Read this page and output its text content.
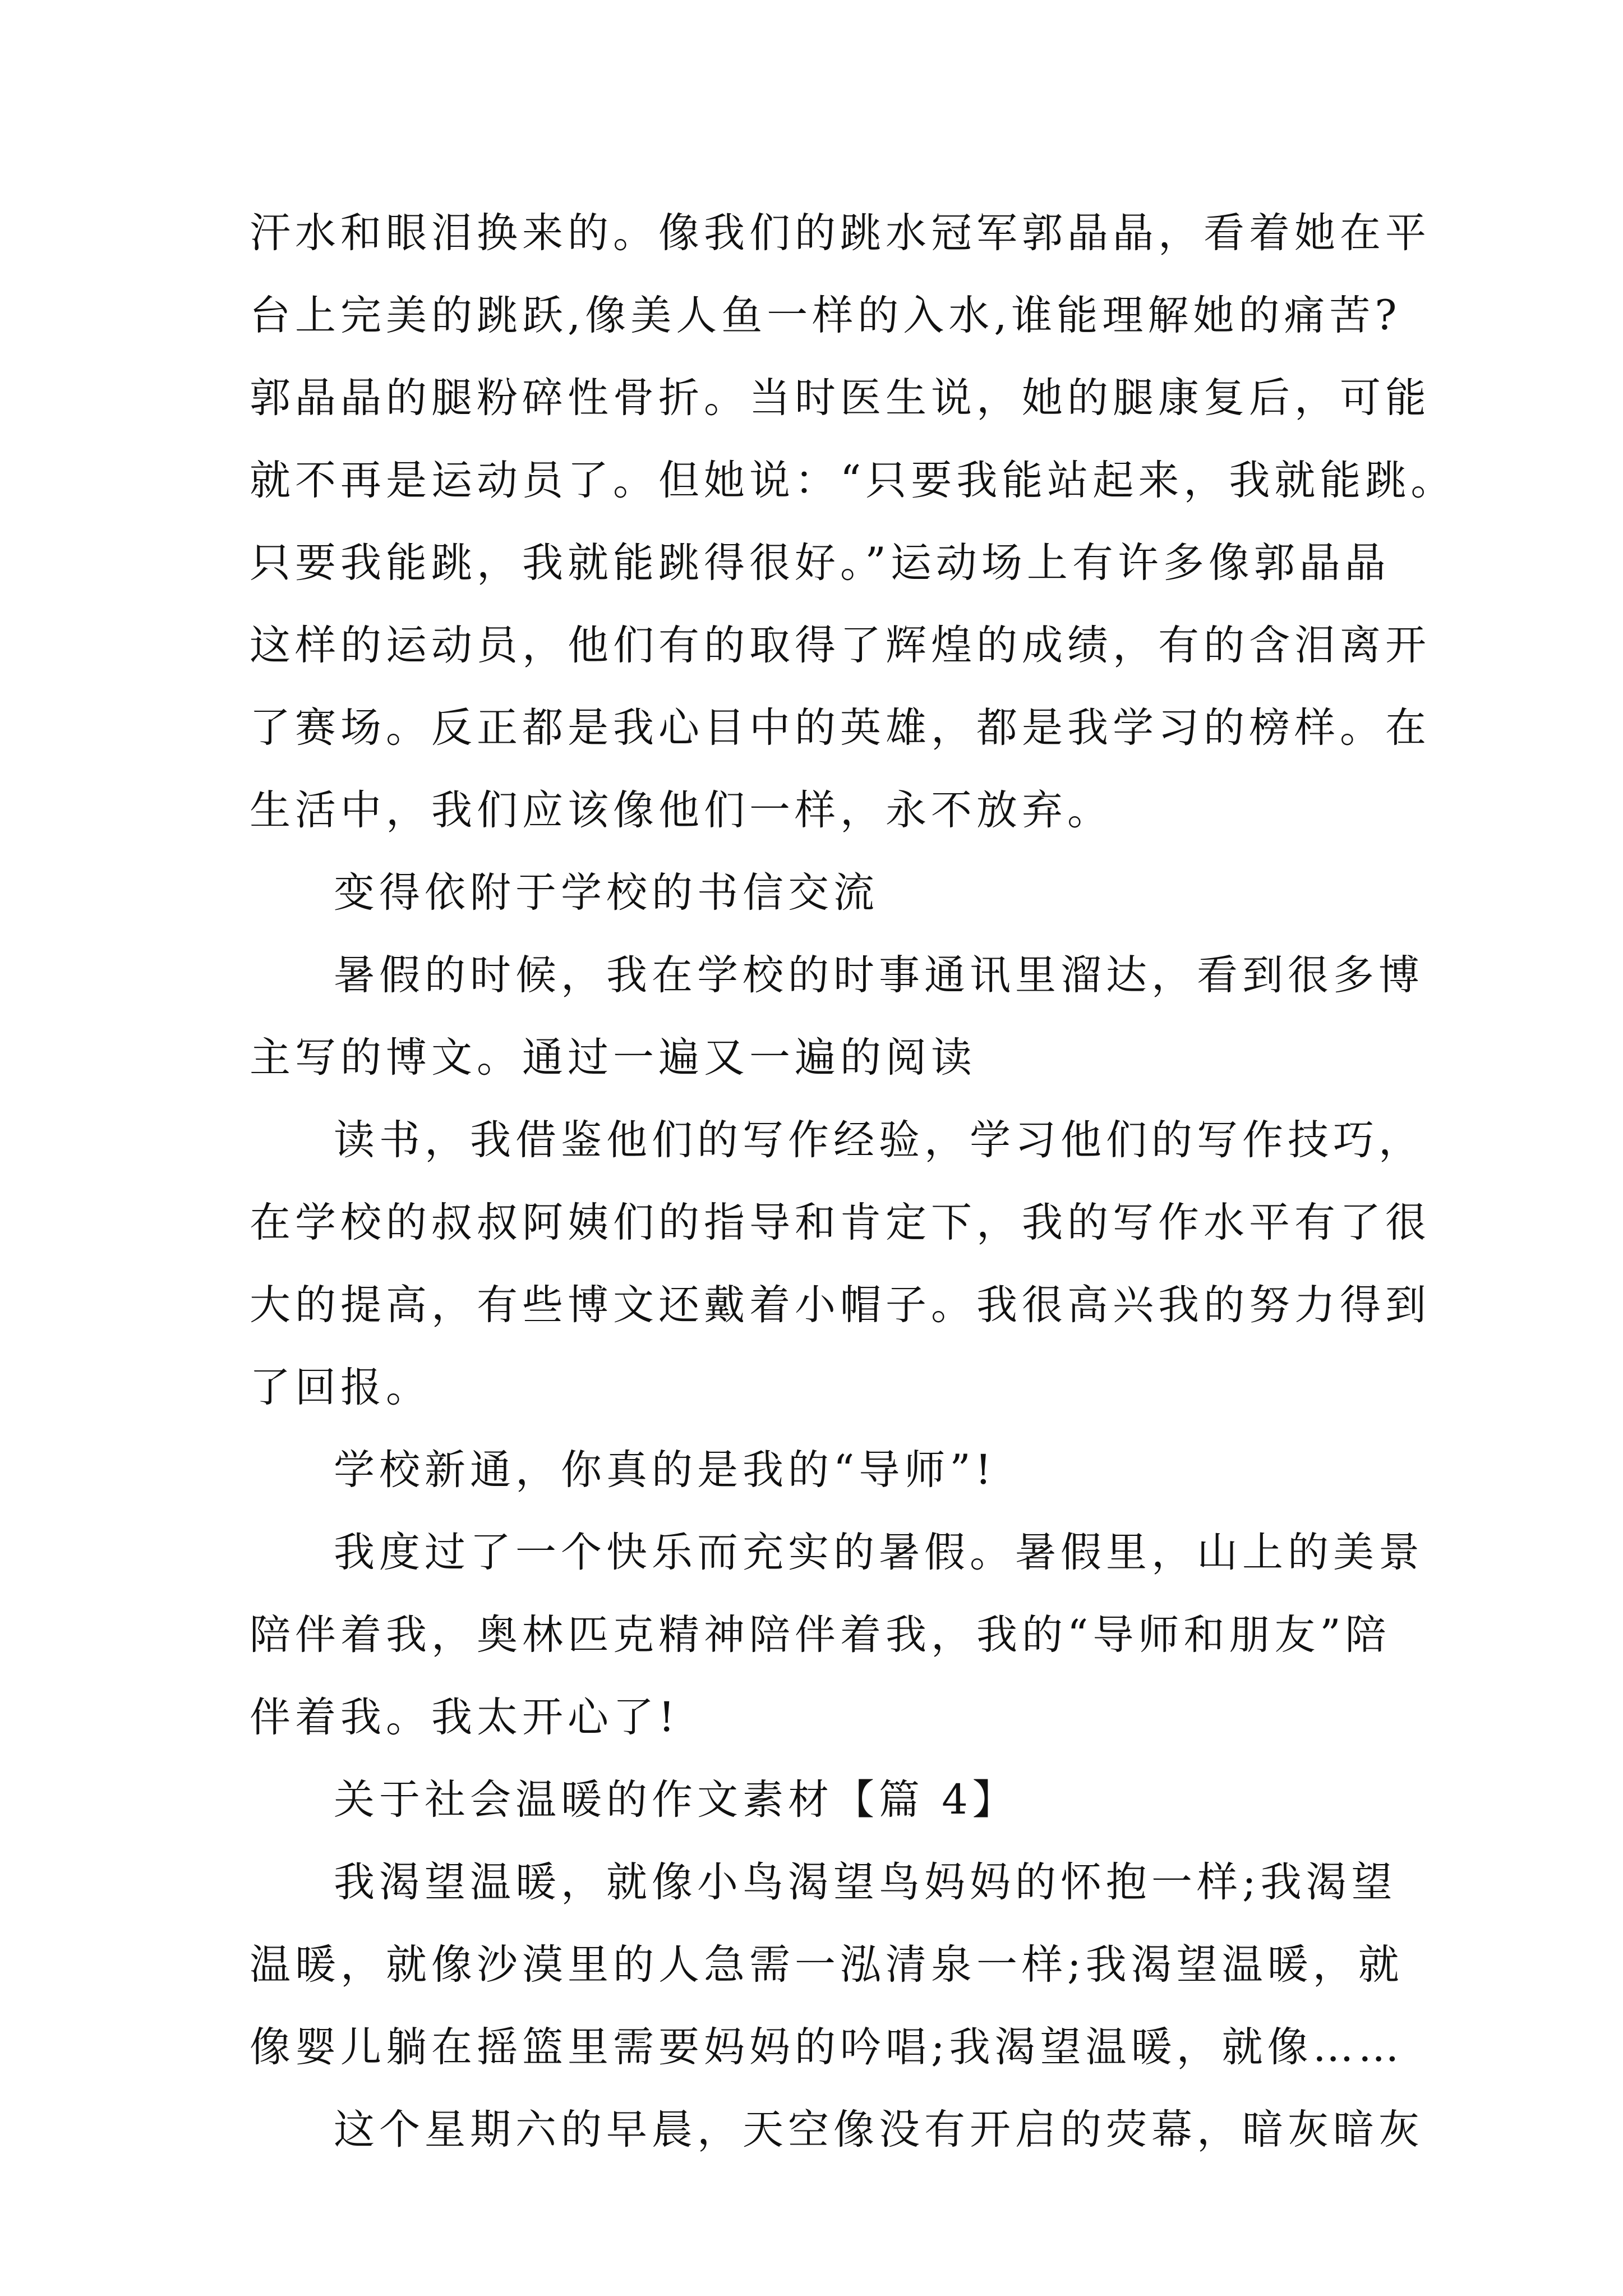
汗水和眼泪换来的。像我们的跳水冠军郭晶晶，看着她在平
台上完美的跳跃,像美人鱼一样的入水,谁能理解她的痛苦?
郭晶晶的腿粉碎性骨折。当时医生说，她的腿康复后，可能
就不再是运动员了。但她说：“只要我能站起来，我就能跳。
只要我能跳，我就能跳得很好。”运动场上有许多像郭晶晶
这样的运动员，他们有的取得了辉煌的成绩，有的含泪离开
了赛场。反正都是我心目中的英雄，都是我学习的榜样。在
生活中，我们应该像他们一样，永不放弃。
变得依附于学校的书信交流
暑假的时候，我在学校的时事通讯里溜达，看到很多博
主写的博文。通过一遍又一遍的阅读
读书，我借鉴他们的写作经验，学习他们的写作技巧，
在学校的叔叔阿姨们的指导和肯定下，我的写作水平有了很
大的提高，有些博文还戴着小帽子。我很高兴我的努力得到
了回报。
学校新通，你真的是我的“导师”!
我度过了一个快乐而充实的暑假。暑假里，山上的美景
陪伴着我，奥林匹克精神陪伴着我，我的“导师和朋友”陪
伴着我。我太开心了!
关于社会温暖的作文素材【篇 4】
我渴望温暖，就像小鸟渴望鸟妈妈的怀抱一样;我渴望
温暖，就像沙漠里的人急需一泓清泉一样;我渴望温暖，就
像婴儿躺在摇篮里需要妈妈的吟唱;我渴望温暖，就像……
这个星期六的早晨，天空像没有开启的荧幕，暗灰暗灰
